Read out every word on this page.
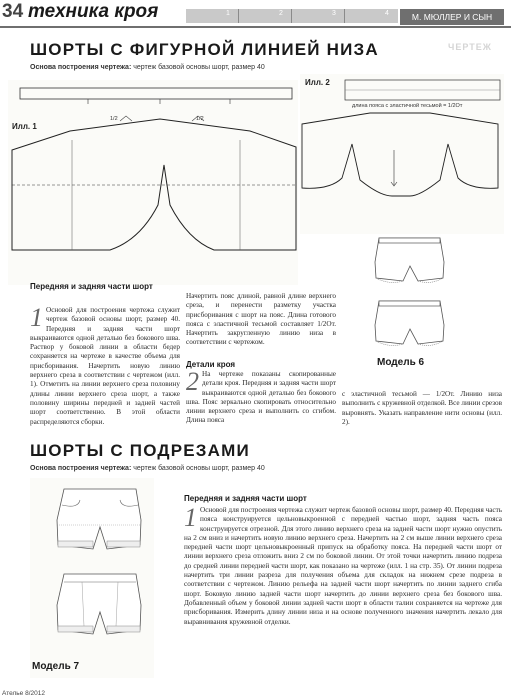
34 техника кроя	1	2	3	4	М. МЮЛЛЕР И СЫН
ЧЕРТЕЖ
ШОРТЫ С ФИГУРНОЙ ЛИНИЕЙ НИЗА
Основа построения чертежа: чертеж базовой основы шорт, размер 40
Илл. 1
1/2	1/2
Илл. 2
длина пояса с эластичной тесьмой = 1/2От
Модель 6
Передняя и задняя части шорт
1 Основой для построения чертежа служит чертеж базовой основы шорт, размер 40. Передняя и задняя части шорт выкраиваются одной деталью без бокового шва. Раствор у боковой линии в области бедер сохраняется на чертеже в качестве объема для присборивания. Начертить новую линию верхнего среза в соответствии с чертежом (илл. 1). Отметить на линии верхнего среза половину длины линии верхнего среза шорт, а также половину ширины передней и задней частей шорт соответственно. В этой области распределяются сборки.
Начертить пояс длиной, равной длине верхнего среза, и перенести разметку участка присборивания с шорт на пояс. Длина готового пояса с эластичной тесьмой составляет 1/2От. Начертить закругленную линию низа в соответствии с чертежом.
Детали кроя
2 На чертеже показаны скопированные детали кроя. Передняя и задняя части шорт выкраиваются одной деталью без бокового шва. Пояс зеркально скопировать относительно линии верхнего среза и выполнить со сгибом. Длина пояса
с эластичной тесьмой — 1/2От. Линию низа выполнить с кружевной отделкой. Все линии срезов выровнять. Указать направление нити основы (илл. 2).
ШОРТЫ С ПОДРЕЗАМИ
Основа построения чертежа: чертеж базовой основы шорт, размер 40
Модель 7
Передняя и задняя части шорт
1 Основой для построения чертежа служит чертеж базовой основы шорт, размер 40. Передняя часть пояса конструируется цельновыкроенной с передней частью шорт, задняя часть пояса конструируется отрезной. Для этого линию верхнего среза на задней части шорт нужно опустить на 2 см вниз и начертить новую линию верхнего среза. Начертить на 2 см выше линии верхнего среза передней части шорт цельновыкроенный припуск на обработку пояса. На передней части шорт от линии верхнего среза отложить вниз 2 см по боковой линии. От этой точки начертить линию подреза до средней линии передней части шорт, как показано на чертеже (илл. 1 на стр. 35). От линии подреза начертить три линии разреза для получения объема для складок на нижнем срезе подреза в соответствии с чертежом. Линию рельефа на задней части шорт начертить по линии заднего сгиба шорт. Боковую линию задней части шорт начертить до линии верхнего среза без бокового шва. Добавленный объем у боковой линии задней части шорт в области талии сохраняется на чертеже для присборивания. Измерить длину линии низа и на основе полученного значения начертить лекало для выравнивания кружевной отделки.
Ателье 8/2012
